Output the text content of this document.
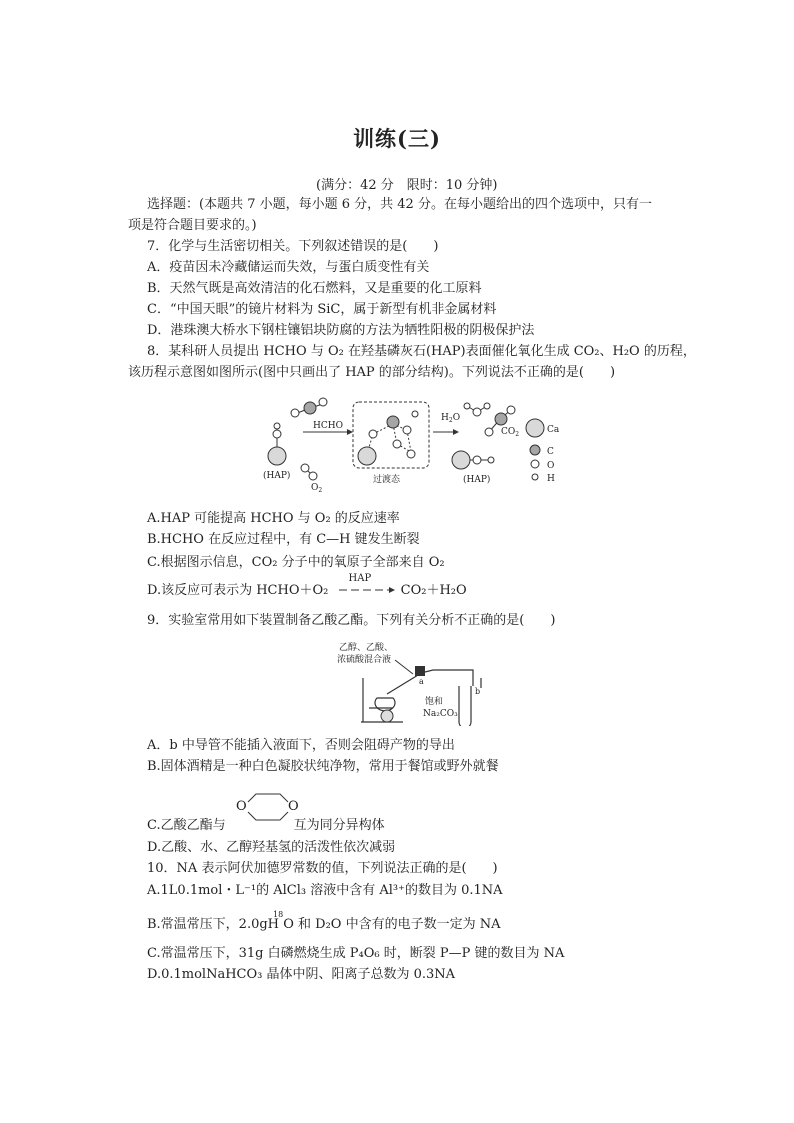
训练(三)
(满分：42 分　限时：10 分钟)
选择题：(本题共 7 小题，每小题 6 分，共 42 分。在每小题给出的四个选项中，只有一
项是符合题目要求的。)
7．化学与生活密切相关。下列叙述错误的是(　　)
A．疫苗因未冷藏储运而失效，与蛋白质变性有关
B．天然气既是高效清洁的化石燃料，又是重要的化工原料
C．“中国天眼”的镜片材料为 SiC，属于新型有机非金属材料
D．港珠澳大桥水下钢柱镶铝块防腐的方法为牺牲阳极的阴极保护法
8．某科研人员提出 HCHO 与 O₂ 在羟基磷灰石(HAP)表面催化氧化生成 CO₂、H₂O 的历程，
该历程示意图如图所示(图中只画出了 HAP 的部分结构)。下列说法不正确的是(　　)
(HAP)
$O_2$
HCHO
过渡态
$H_2O$
$CO_2$
(HAP)
Ca
C
O
H
A.HAP 可能提高 HCHO 与 O₂ 的反应速率
B.HCHO 在反应过程中，有 C—H 键发生断裂
C.根据图示信息，CO₂ 分子中的氧原子全部来自 O₂
D.该反应可表示为 HCHO＋O₂
HAP
CO₂＋H₂O
9．实验室常用如下装置制备乙酸乙酯。下列有关分析不正确的是(　　)
乙醇、乙酸、
浓硫酸混合液
a
b
饱和
Na₂CO₃
A．b 中导管不能插入液面下，否则会阻碍产物的导出
B.固体酒精是一种白色凝胶状纯净物，常用于餐馆或野外就餐
O	O
C.乙酸乙酯与	互为同分异构体
D.乙酸、水、乙醇羟基氢的活泼性依次减弱
10．NA 表示阿伏加德罗常数的值，下列说法正确的是(　　)
A.1L0.1mol・L⁻¹的 AlCl₃ 溶液中含有 Al³⁺的数目为 0.1NA
B.常温常压下，$2.0gH^{18}O$ 和 D₂O 中含有的电子数一定为 NA
C.常温常压下，31g 白磷燃烧生成 P₄O₆ 时，断裂 P—P 键的数目为 NA
D.0.1molNaHCO₃ 晶体中阴、阳离子总数为 0.3NA
